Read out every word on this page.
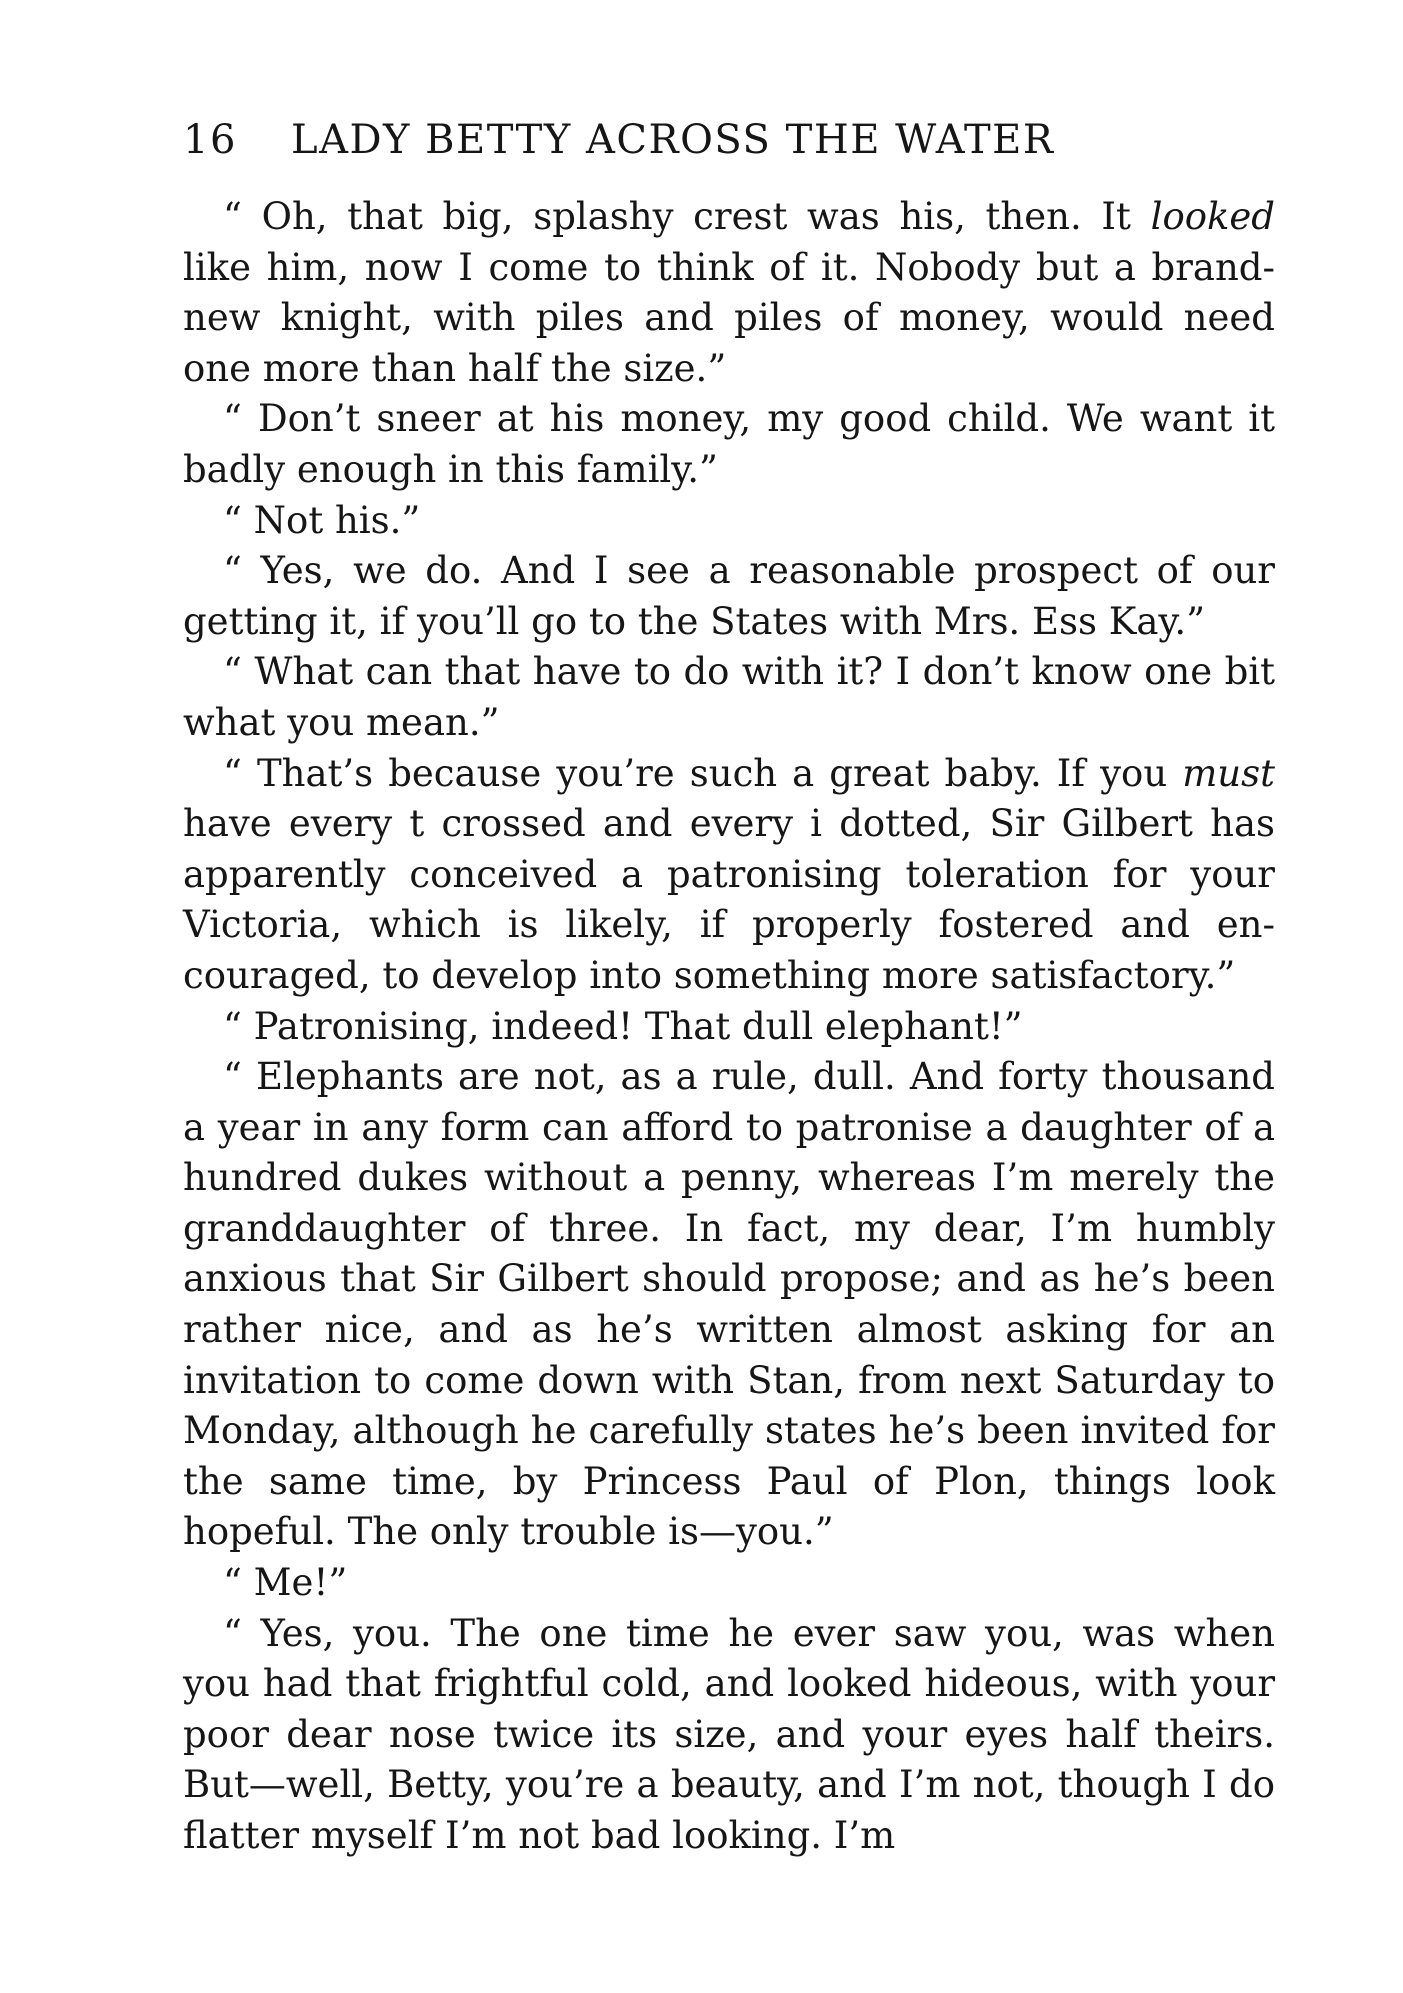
16 LADY BETTY ACROSS THE WATER

“ Oh, that big, splashy crest was his, then. It looked like him, now I come to think of it. Nobody but a brand-new knight, with piles and piles of money, would need one more than half the size.”

“ Don’t sneer at his money, my good child. We want it badly enough in this family.”

“ Not his.”

“ Yes, we do. And I see a reasonable prospect of our getting it, if you’ll go to the States with Mrs. Ess Kay.”

“ What can that have to do with it? I don’t know one bit what you mean.”

“ That’s because you’re such a great baby. If you must have every t crossed and every i dotted, Sir Gilbert has apparently conceived a patronising toleration for your Victoria, which is likely, if properly fostered and encouraged, to develop into something more satisfactory.”

“ Patronising, indeed! That dull elephant!”

“ Elephants are not, as a rule, dull. And forty thousand a year in any form can afford to patronise a daughter of a hundred dukes without a penny, whereas I’m merely the granddaughter of three. In fact, my dear, I’m humbly anxious that Sir Gilbert should propose; and as he’s been rather nice, and as he’s written almost asking for an invitation to come down with Stan, from next Saturday to Monday, although he carefully states he’s been invited for the same time, by Princess Paul of Plon, things look hopeful. The only trouble is—you.”

“ Me!”

“ Yes, you. The one time he ever saw you, was when you had that frightful cold, and looked hideous, with your poor dear nose twice its size, and your eyes half theirs. But—well, Betty, you’re a beauty, and I’m not, though I do flatter myself I’m not bad looking. I’m
